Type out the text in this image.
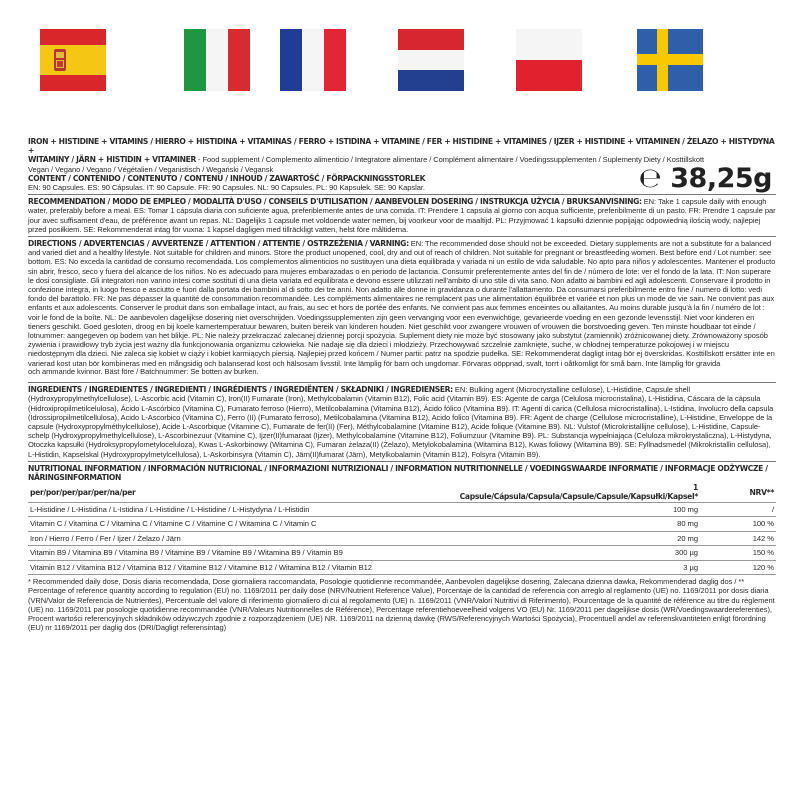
℮ 38,25g

IRON + HISTIDINE + VITAMINS / HIERRO + HISTIDINA + VITAMINAS / FERRO + ISTIDINA + VITAMINE / FER + HISTIDINE + VITAMINES / IJZER + HISTIDINE + VITAMINEN / ŻELAZO + HISTYDYNA +

WITAMINY / JÄRN + HISTIDIN + VITAMINER - Food supplement / Complemento alimenticio / Integratore alimentare / Complément alimentaire / Voedingssupplementen / Suplementy Diety / Kosttillskott

Vegan / Vegano / Vegano / Végétalien / Veganistisch / Wegański / Vegansk

CONTENT / CONTENIDO / CONTENUTO / CONTENU / INHOUD / ZAWARTOŚĆ / FÖRPACKNINGSSTORLEK

EN: 90 Capsules. ES: 90 Cápsulas. IT: 90 Capsule. FR: 90 Capsules. NL: 90 Capsules. PL: 90 Kapsułek. SE: 90 Kapslar.

RECOMMENDATION / MODO DE EMPLEO / MODALITÀ D'USO / CONSEILS D'UTILISATION / AANBEVOLEN DOSERING / INSTRUKCJA UŻYCIA / BRUKSANVISNING: EN: Take 1 capsule daily with enough water, preferably before a meal. ES: Tomar 1 cápsula diaria con suficiente agua, preferiblemente antes de una comida. IT: Prendere 1 capsula al giorno con acqua sufficiente, preferibilmente di un pasto. FR: Prendre 1 capsule par jour avec suffisament d'eau, de préférence avant un repas. NL: Dagelijks 1 capsule met voldoende water nemen, bij voorkeur voor de maaltijd. PL: Przyjmować 1 kapsułki dziennie popijając odpowiednią ilością wody, najlepiej przed posiłkiem. SE: Rekommenderat intag för vuxna: 1 kapsel dagligen med tillräckligt vatten, helst före måltiderna.

DIRECTIONS / ADVERTENCIAS / AVVERTENZE / ATTENTION / ATTENTIE / OSTRZEŻENIA / VARNING: EN: The recommended dose should not be exceeded. Dietary supplements are not a substitute for a balanced and varied diet and a healthy lifestyle. Not suitable for children and minors. Store the product unopened, cool, dry and out of reach of children. Not suitable for pregnant or breastfeeding women. Best before end / Lot number: see bottom. ES: No exceda la cantidad de consumo recomendada. Los complementos alimenticios no sustituyen una dieta equilibrada y variada ni un estilo de vida saludable. No apto para niños y adolescentes. Mantener el producto sin abrir, fresco, seco y fuera del alcance de los niños. No es adecuado para mujeres embarazadas o en periodo de lactancia. Consumir preferentemente antes del fin de / número de lote: ver el fondo de la lata. IT: Non superare le dosi consigliate. Gli integratori non vanno intesi come sostituti di una dieta variata ed equilibrata e devono essere utilizzati nell'ambito di uno stile di vita sano. Non adatto ai bambini ed agli adolescenti. Conservare il prodotto in confezione integra, in luogo fresco e asciutto e fuori dalla portata dei bambini al di sotto dei tre anni. Non adatto alle donne in gravidanza o durante l'allattamento. Da consumarsi preferibilmente entro fine / numero di lotto: vedi fondo del barattolo. FR: Ne pas dépasser la quantité de consommation recommandée. Les compléments alimentaires ne remplacent pas une alimentation équilibrée et variée et non plus un mode de vie sain. Ne convient pas aux enfants et aux adolescents. Conserver le produit dans son emballage intact, au frais, au sec et hors de portée des enfants. Ne convient pas aux femmes enceintes ou allaitantes. Au moins durable jusqu'à la fin / numéro de lot : voir le fond de la boîte. NL: De aanbevolen dagelijkse dosering niet overschrijden. Voedingssupplementen zijn geen vervanging voor een evenwichtige, gevarieerde voeding en een gezonde levensstijl. Niet voor kinderen en tieners geschikt. Goed gesloten, droog en bij koele kamertemperatuur bewaren, buiten bereik van kinderen houden. Niet geschikt voor zwangere vrouwen of vrouwen die borstvoeding geven. Ten minste houdbaar tot einde / lotnummer: aangegeven op bodem van het blikje. PL: Nie należy przekraczać zalecanej dziennej porcji spożycia. Suplement diety nie może być stosowany jako substytut (zamiennik) zróżnicowanej diety. Zrównoważony sposób żywienia i prawidłowy tryb życia jest ważny dla funkcjonowania organizmu człowieka. Nie nadaje się dla dzieci i młodzieży. Przechowywać szczelnie zamknięte, suche, w chłodnej temperaturze pokojowej i w miejscu niedostępnym dla dzieci. Nie zaleca się kobiet w ciąży i kobiet karmiących piersią. Najlepiej przed końcem / Numer partii: patrz na spodzie pudełka. SE: Rekommenderat dagligt intag bör ej överskridas. Kosttillskott ersätter inte en varierad kost utan bör kombineras med en mångsidig och balanserad kost och hälsosam livsstil. Inte lämplig för barn och ungdomar. Förvaras oöppnad, svalt, torrt i oåtkomligt för små barn. Inte lämplig för gravida

och ammande kvinnor. Bäst före / Batchnummer: Se botten av burken.

INGREDIENTS / INGREDIENTES / INGREDIENTI / INGRÉDIENTS / INGREDIËNTEN / SKŁADNIKI / INGREDIENSER: EN: Bulking agent (Microcrystalline cellulose), L-Histidine, Capsule shell (Hydroxypropylmethylcellulose), L-Ascorbic acid (Vitamin C), Iron(II) Fumarate (Iron), Methylcobalamin (Vitamin B12), Folic acid (Vitamin B9). ES: Agente de carga (Celulosa microcristalina), L-Histidina, Cáscara de la cápsula (Hidroxipropilmetilcelulosa), Ácido L-Ascórbico (Vitamina C), Fumarato ferroso (Hierro), Metilcobalamina (Vitamina B12), Ácido fólico (Vitamina B9). IT: Agenti di carica (Cellulosa microcristallina), L-Istidina, Involucro della capsula (Idrossipropilmetilcellulosa), Acido L-Ascorbico (Vitamina C), Ferro (II) (Fumarato ferroso), Metilcobalamina (Vitamina B12), Acido folico (Vitamina B9). FR: Agent de charge (Cellulose microcristalline), L-Histidine, Enveloppe de la capsule (Hydroxypropylméthylcellulose), Acide L-Ascorbique (Vitamine C), Fumarate de fer(II) (Fer), Méthylcobalamine (Vitamine B12), Acide folique (Vitamine B9). NL: Vulstof (Microkristallijne cellulose), L-Histidine, Capsule-schelp (Hydroxypropylmethylcellulose), L-Ascorbinezuur (Vitamine C), Ijzer(II)fumaraat (Ijzer), Methylcobalamine (Vitamine B12), Foliumzuur (Vitamine B9). PL: Substancja wypełniająca (Celuloza mikrokrystaliczna), L-Histydyna, Otoczka kapsułki (Hydroksypropylometylocelulozа), Kwas L-Askorbinowy (Witamina C), Fumaran żelaza(II) (Żelazo), Metylokobalamina (Witamina B12), Kwas foliowy (Witamina B9). SE: Fyllnadsmedel (Mikrokristallin cellulosa), L-Histidin, Kapselskal (Hydroxypropylmetylcellulosa), L-Askorbinsyra (Vitamin C), Järn(II)fumarat (Järn), Metylkobalamin (Vitamin B12), Folsyra (Vitamin B9).

NUTRITIONAL INFORMATION / INFORMACIÓN NUTRICIONAL / INFORMAZIONI NUTRIZIONALI / INFORMATION NUTRITIONNELLE / VOEDINGSWAARDE INFORMATIE / INFORMACJE ODŻYWCZE / NÄRINGSINFORMATION

per/por/per/par/per/na/per	1 Capsule/Cápsula/Capsula/Capsule/Capsule/Kapsułki/Kapsel*	NRV**
L-Histidine / L-Histidina / L-Istidina / L-Histidine / L-Histidine / L-Histydyna / L-Histidin	100 mg	/
Vitamin C / Vitamina C / Vitamina C / Vitamine C / Vitamine C / Witamina C / Vitamin C	80 mg	100 %
Iron / Hierro / Ferro / Fer / Ijzer / Żelazo / Järn	20 mg	142 %
Vitamin B9 / Vitamina B9 / Vitamina B9 / Vitamine B9 / Vitamine B9 / Witamina B9 / Vitamin B9	300 µg	150 %
Vitamin B12 / Vitamina B12 / Vitamina B12 / Vitamine B12 / Vitamine B12 / Witamina B12 / Vitamin B12	3 µg	120 %

* Recommended daily dose, Dosis diaria recomendada, Dose giornaliera raccomandata, Posologie quotidienne recommandée, Aanbevolen dagelijkse dosering, Zalecana dzienna dawka, Rekommenderad daglig dos / ** Percentage of reference quantity according to regulation (EU) no. 1169/2011 per daily dose (NRV/Nutrient Reference Value), Porcentaje de la cantidad de referencia con arreglo al reglamento (UE) no. 1169/2011 por dosis diaria (VRN/Valor de Referencia de Nutrientes), Percentuale del valore di riferimento giornaliero di cui al regolamento (UE) n. 1169/2011 (VNR/Valori Nutritivi di Riferimento), Pourcentage de la quantité de référence au titre du règlement (UE) no. 1169/2011 par posologie quotidienne recommandée (VNR/Valeurs Nutritionnelles de Référence), Percentage referentiehoeveelheid volgens VO (EU) Nr. 1169/2011 per dagelijkse dosis (WR/Voedingswaardereferenties), Procent wartości referencyjnych składników odżywczych zgodnie z rozporządzeniem (UE) NR. 1169/2011 na dzienną dawkę (RWS/Referencyjnych Wartości Spożycia), Procentuell andel av referenskvantiteten enligt förordning (EU) nr 1169/2011 per daglig dos (DRI/Dagligt referensintag)
